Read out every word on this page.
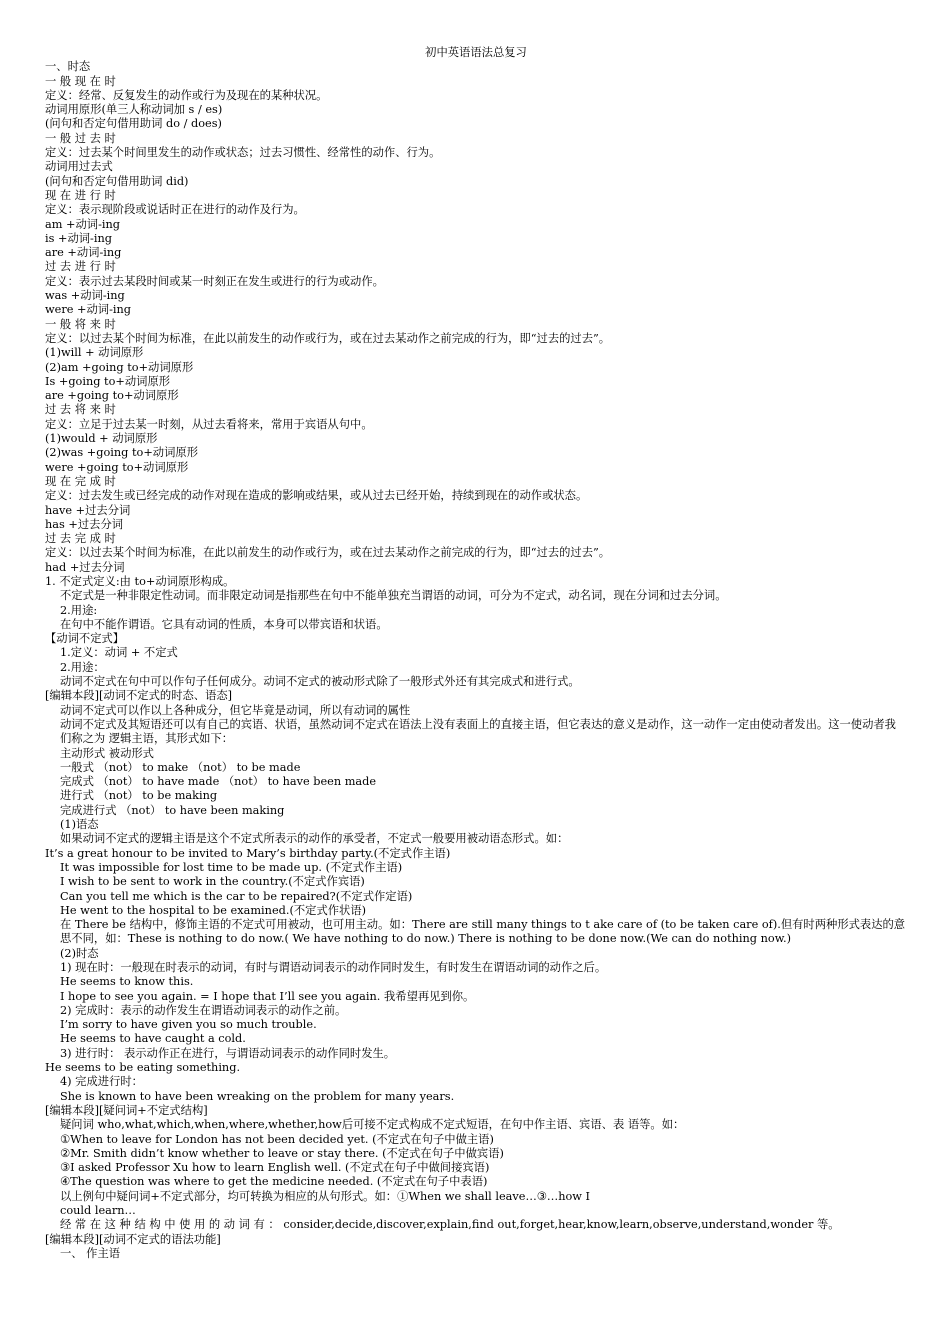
初中英语语法总复习
一、时态
一 般 现 在 时
定义：经常、反复发生的动作或行为及现在的某种状况。
动词用原形(单三人称动词加 s / es)
(问句和否定句借用助词 do / does)
一 般 过 去 时
定义：过去某个时间里发生的动作或状态；过去习惯性、经常性的动作、行为。
动词用过去式
(问句和否定句借用助词 did)
现 在 进 行 时
定义：表示现阶段或说话时正在进行的动作及行为。
am +动词-ing
is +动词-ing
are +动词-ing
过 去 进 行 时
定义：表示过去某段时间或某一时刻正在发生或进行的行为或动作。
was +动词-ing
were +动词-ing
一 般 将 来 时
定义：以过去某个时间为标准，在此以前发生的动作或行为，或在过去某动作之前完成的行为，即“过去的过去”。
(1)will + 动词原形
(2)am +going to+动词原形
Is +going to+动词原形
are +going to+动词原形
过 去 将 来 时
定义：立足于过去某一时刻，从过去看将来，常用于宾语从句中。
(1)would + 动词原形
(2)was +going to+动词原形
were +going to+动词原形
现 在 完 成 时
定义：过去发生或已经完成的动作对现在造成的影响或结果，或从过去已经开始，持续到现在的动作或状态。
have +过去分词
has +过去分词
过 去 完 成 时
定义：以过去某个时间为标准，在此以前发生的动作或行为，或在过去某动作之前完成的行为，即“过去的过去”。
had +过去分词
1. 不定式定义:由 to+动词原形构成。
不定式是一种非限定性动词。而非限定动词是指那些在句中不能单独充当谓语的动词，可分为不定式，动名词，现在分词和过去分词。
2.用途:
在句中不能作谓语。它具有动词的性质，本身可以带宾语和状语。
【动词不定式】
1.定义：动词 + 不定式
2.用途：
动词不定式在句中可以作句子任何成分。动词不定式的被动形式除了一般形式外还有其完成式和进行式。
[编辑本段][动词不定式的时态、语态]
动词不定式可以作以上各种成分，但它毕竟是动词，所以有动词的属性
动词不定式及其短语还可以有自己的宾语、状语，虽然动词不定式在语法上没有表面上的直接主语，但它表达的意义是动作，这一动作一定由使动者发出。这一使动者我们称之为 逻辑主语，其形式如下：
主动形式 被动形式
一般式 （not） to make （not） to be made
完成式 （not） to have made （not） to have been made
进行式 （not） to be making
完成进行式 （not） to have been making
(1)语态
如果动词不定式的逻辑主语是这个不定式所表示的动作的承受者，不定式一般要用被动语态形式。如：
It’s a great honour to be invited to Mary’s birthday party.(不定式作主语)
It was impossible for lost time to be made up. (不定式作主语)
I wish to be sent to work in the country.(不定式作宾语)
Can you tell me which is the car to be repaired?(不定式作定语)
He went to the hospital to be examined.(不定式作状语)
在 There be 结构中，修饰主语的不定式可用被动，也可用主动。如：There are still many things to t ake care of (to be taken care of).但有时两种形式表达的意思不同，如：These is nothing to do now.( We have nothing to do now.) There is nothing to be done now.(We can do nothing now.)
(2)时态
1) 现在时：一般现在时表示的动词，有时与谓语动词表示的动作同时发生，有时发生在谓语动词的动作之后。
He seems to know this.
I hope to see you again. = I hope that I’ll see you again. 我希望再见到你。
2) 完成时：表示的动作发生在谓语动词表示的动作之前。
I’m sorry to have given you so much trouble.
He seems to have caught a cold.
3) 进行时： 表示动作正在进行，与谓语动词表示的动作同时发生。
He seems to be eating something.
4) 完成进行时：
She is known to have been wreaking on the problem for many years.
[编辑本段][疑问词+不定式结构]
疑问词 who,what,which,when,where,whether,how后可接不定式构成不定式短语，在句中作主语、宾语、表 语等。如：
①When to leave for London has not been decided yet. (不定式在句子中做主语)
②Mr. Smith didn’t know whether to leave or stay there. (不定式在句子中做宾语)
③I asked Professor Xu how to learn English well. (不定式在句子中做间接宾语)
④The question was where to get the medicine needed. (不定式在句子中表语)
以上例句中疑问词+不定式部分，均可转换为相应的从句形式。如：①When we shall leave…③…how I
could learn…
经 常 在 这 种 结 构 中 使 用 的 动 词 有 ： consider,decide,discover,explain,find out,forget,hear,know,learn,observe,understand,wonder 等。
[编辑本段][动词不定式的语法功能]
一、 作主语
